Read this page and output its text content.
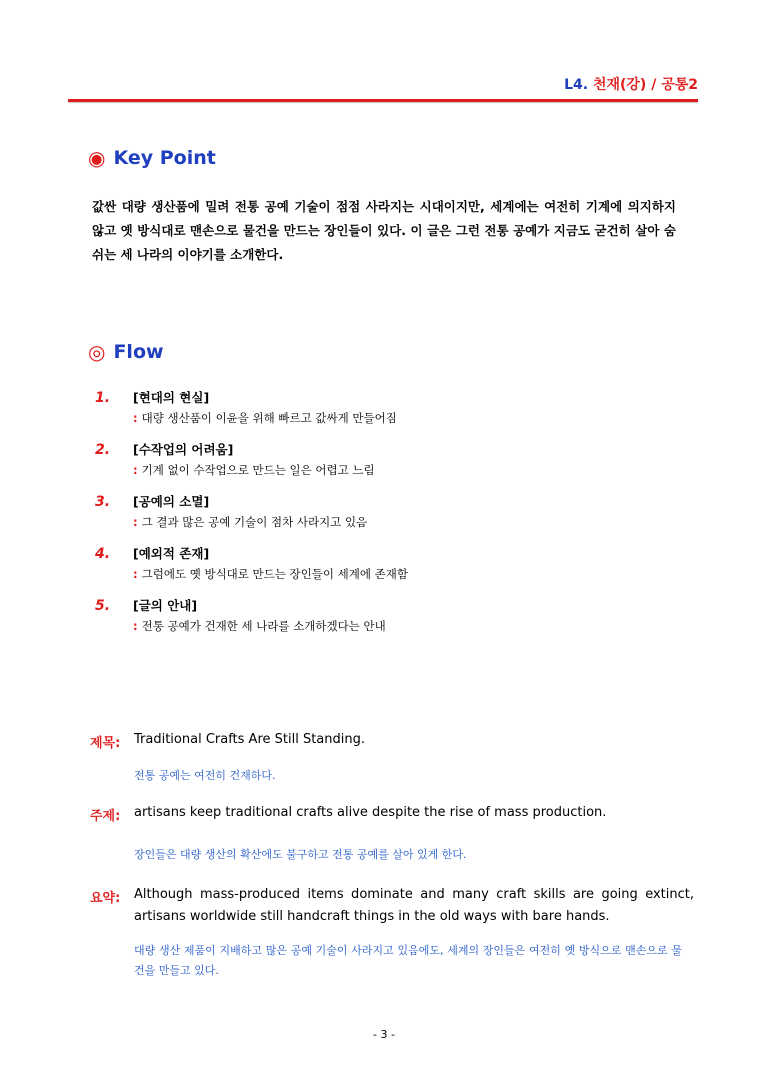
L4. 천재(강) / 공통2
◉ Key Point
값싼 대량 생산품에 밀려 전통 공예 기술이 점점 사라지는 시대이지만, 세계에는 여전히 기계에 의지하지 않고 옛 방식대로 맨손으로 물건을 만드는 장인들이 있다. 이 글은 그런 전통 공예가 지금도 굳건히 살아 숨 쉬는 세 나라의 이야기를 소개한다.
◎ Flow
1. [현대의 현실]
: 대량 생산품이 이윤을 위해 빠르고 값싸게 만들어짐
2. [수작업의 어려움]
: 기계 없이 수작업으로 만드는 일은 어렵고 느림
3. [공예의 소멸]
: 그 결과 많은 공예 기술이 점차 사라지고 있음
4. [예외적 존재]
: 그럼에도 옛 방식대로 만드는 장인들이 세계에 존재함
5. [글의 안내]
: 전통 공예가 건재한 세 나라를 소개하겠다는 안내
제목: Traditional Crafts Are Still Standing.
전통 공예는 여전히 건재하다.
주제: artisans keep traditional crafts alive despite the rise of mass production.
장인들은 대량 생산의 확산에도 불구하고 전통 공예를 살아 있게 한다.
요약: Although mass-produced items dominate and many craft skills are going extinct, artisans worldwide still handcraft things in the old ways with bare hands.
대량 생산 제품이 지배하고 많은 공예 기술이 사라지고 있음에도, 세계의 장인들은 여전히 옛 방식으로 맨손으로 물건을 만들고 있다.
- 3 -
